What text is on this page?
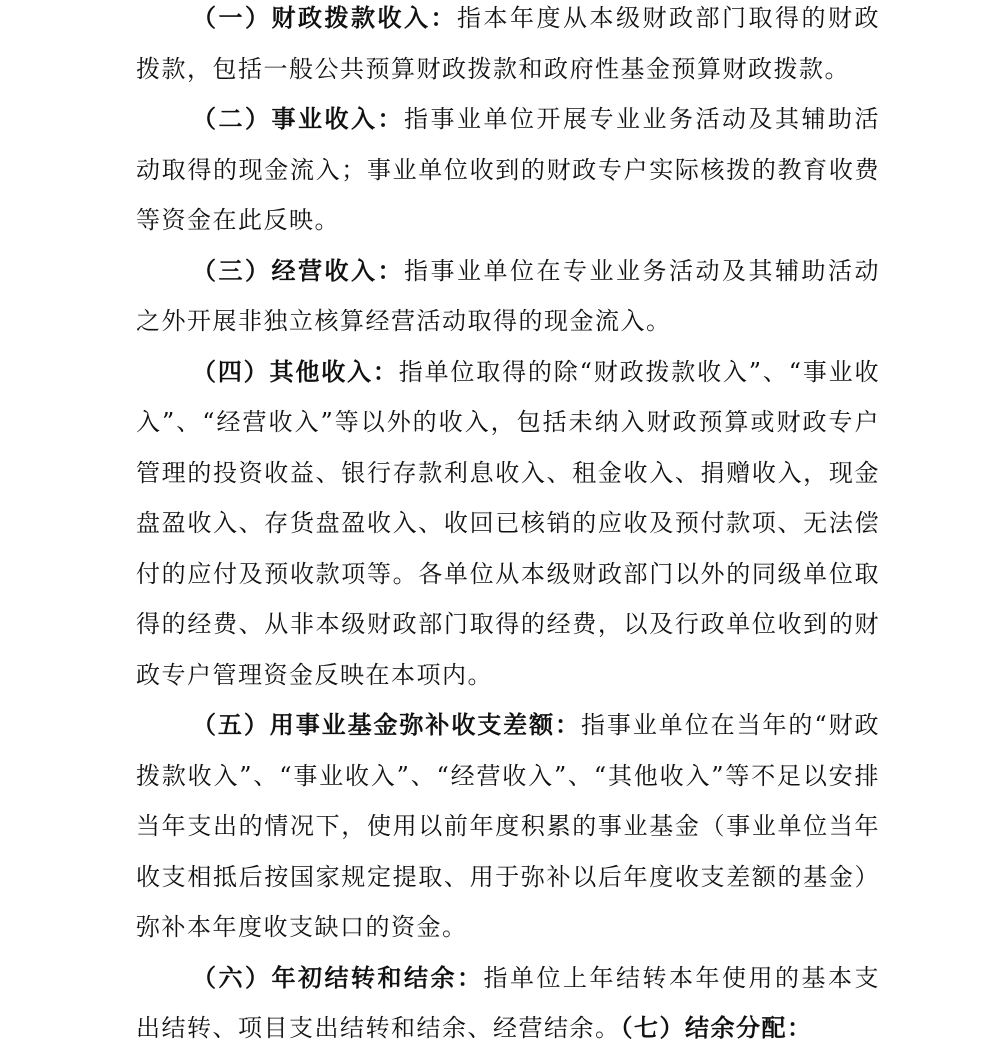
（一）财政拨款收入：指本年度从本级财政部门取得的财政拨款，包括一般公共预算财政拨款和政府性基金预算财政拨款。

（二）事业收入：指事业单位开展专业业务活动及其辅助活动取得的现金流入；事业单位收到的财政专户实际核拨的教育收费等资金在此反映。

（三）经营收入：指事业单位在专业业务活动及其辅助活动之外开展非独立核算经营活动取得的现金流入。

（四）其他收入：指单位取得的除“财政拨款收入”、“事业收入”、“经营收入”等以外的收入，包括未纳入财政预算或财政专户管理的投资收益、银行存款利息收入、租金收入、捐赠收入，现金盘盈收入、存货盘盈收入、收回已核销的应收及预付款项、无法偿付的应付及预收款项等。各单位从本级财政部门以外的同级单位取得的经费、从非本级财政部门取得的经费，以及行政单位收到的财政专户管理资金反映在本项内。

（五）用事业基金弥补收支差额：指事业单位在当年的“财政拨款收入”、“事业收入”、“经营收入”、“其他收入”等不足以安排当年支出的情况下，使用以前年度积累的事业基金（事业单位当年收支相抵后按国家规定提取、用于弥补以后年度收支差额的基金）弥补本年度收支缺口的资金。

（六）年初结转和结余：指单位上年结转本年使用的基本支出结转、项目支出结转和结余、经营结余。（七）结余分配：
